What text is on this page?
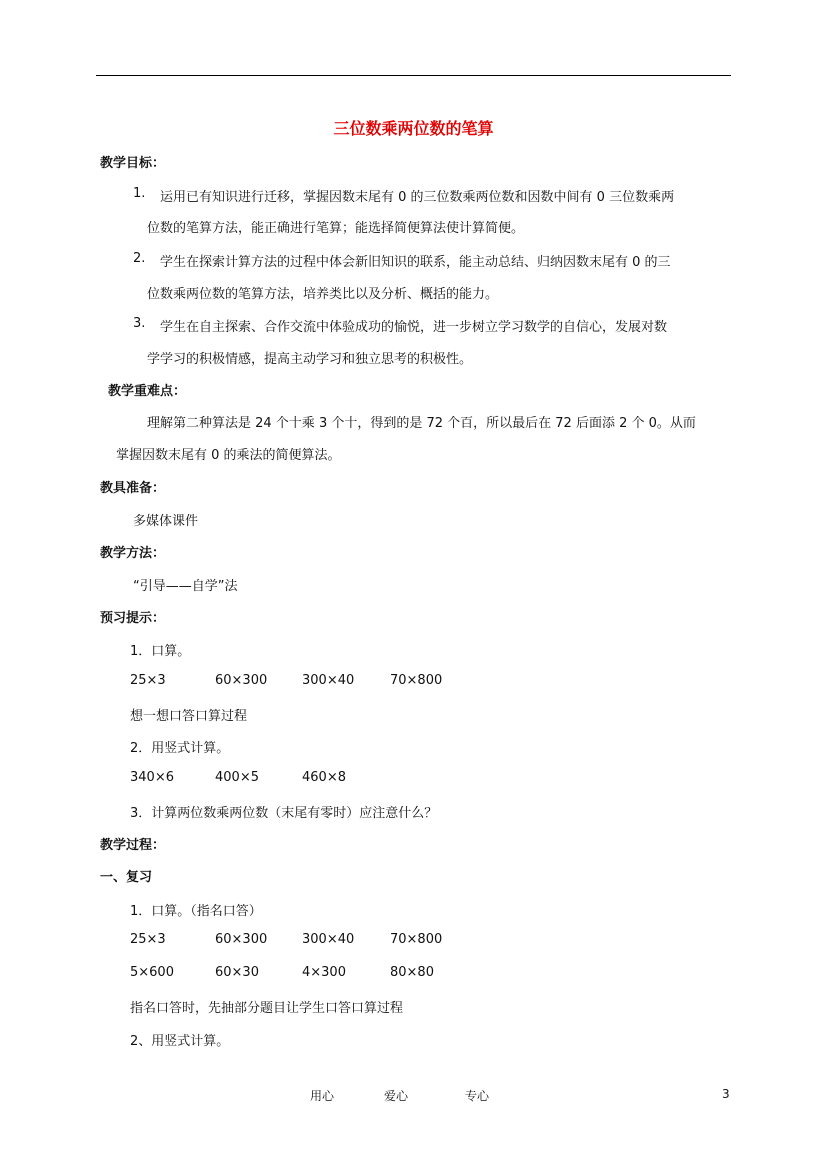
三位数乘两位数的笔算
教学目标：
1. 运用已有知识进行迁移，掌握因数末尾有 0 的三位数乘两位数和因数中间有 0 三位数乘两
位数的笔算方法，能正确进行笔算；能选择简便算法使计算简便。
2. 学生在探索计算方法的过程中体会新旧知识的联系，能主动总结、归纳因数末尾有 0 的三
位数乘两位数的笔算方法，培养类比以及分析、概括的能力。
3. 学生在自主探索、合作交流中体验成功的愉悦，进一步树立学习数学的自信心，发展对数
学学习的积极情感，提高主动学习和独立思考的积极性。
教学重难点：
理解第二种算法是 24 个十乘 3 个十，得到的是 72 个百，所以最后在 72 后面添 2 个 0。从而
掌握因数末尾有 0 的乘法的简便算法。
教具准备：
多媒体课件
教学方法：
“引导——自学”法
预习提示：
1．口算。
25×3	60×300	300×40	70×800
想一想口答口算过程
2．用竖式计算。
340×6	400×5	460×8
3．计算两位数乘两位数（末尾有零时）应注意什么？
教学过程：
一、复习
1．口算。（指名口答）
25×3	60×300	300×40	70×800
5×600	60×30	4×300	80×80
指名口答时，先抽部分题目让学生口答口算过程
2、用竖式计算。
用心	爱心	专心	3
